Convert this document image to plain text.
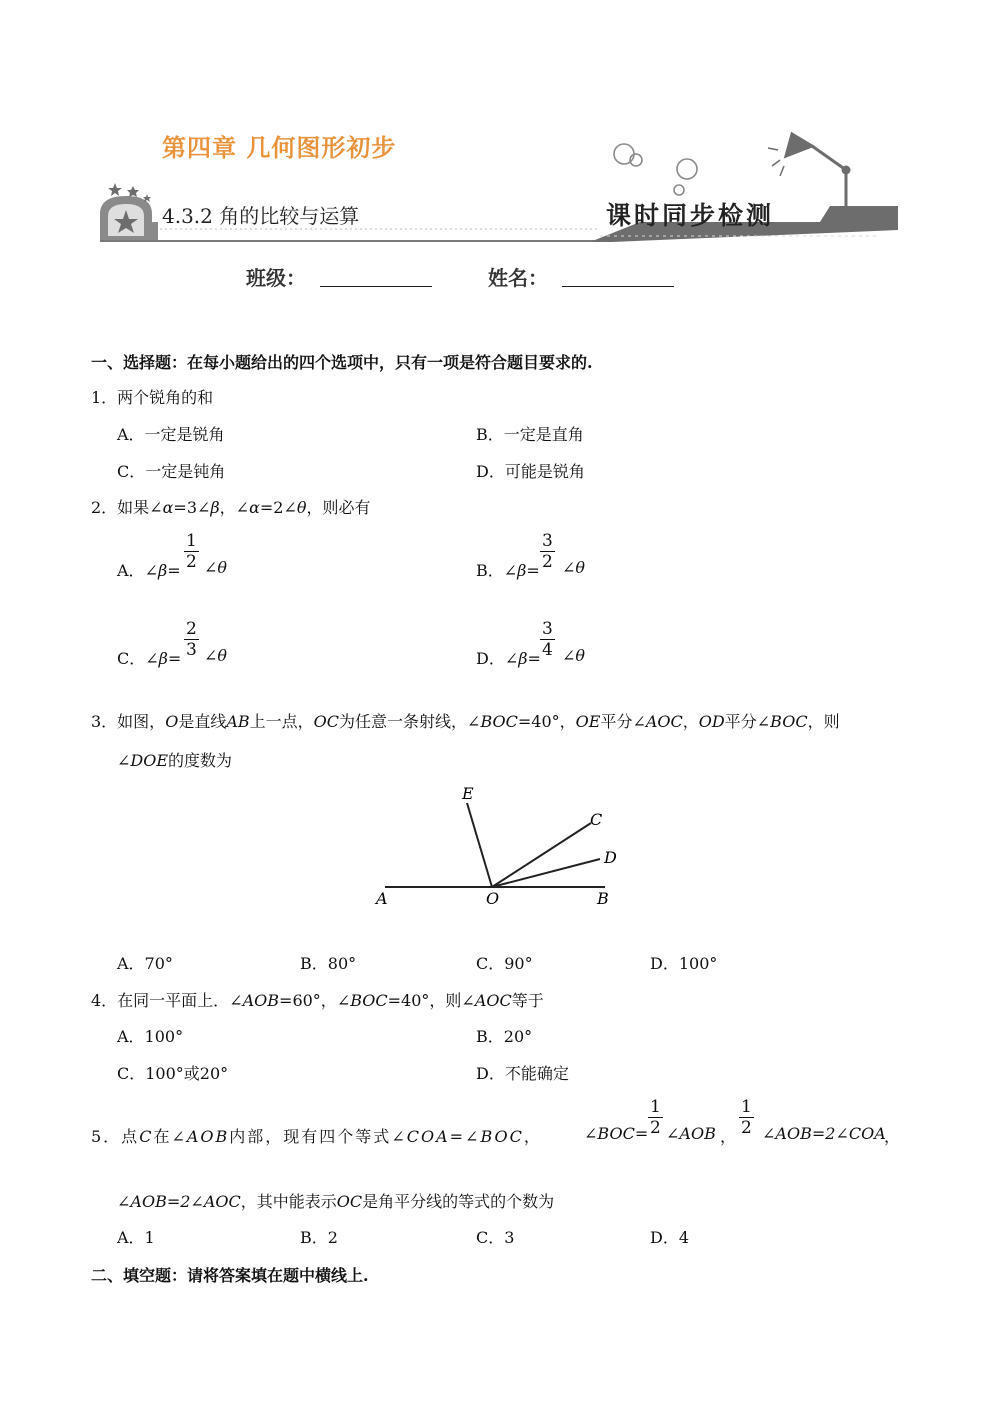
第四章 几何图形初步
4.3.2 角的比较与运算	课时同步检测
班级：	姓名：
一、选择题：在每小题给出的四个选项中，只有一项是符合题目要求的.
1．两个锐角的和
A．一定是锐角	B．一定是直角
C．一定是钝角	D．可能是锐角
2．如果∠α=3∠β，∠α=2∠θ，则必有
A．∠β= $\frac{1}{2}$ ∠θ	B．∠β= $\frac{3}{2}$ ∠θ
C．∠β= $\frac{2}{3}$ ∠θ	D．∠β= $\frac{3}{4}$ ∠θ
3．如图，O是直线AB上一点，OC为任意一条射线，∠BOC=40°，OE平分∠AOC，OD平分∠BOC，则
∠DOE的度数为
E
C
D
A	O	B
A．70°	B．80°	C．90°	D．100°
4．在同一平面上．∠AOB=60°，∠BOC=40°，则∠AOC等于
A．100°	B．20°
C．100°或20°	D．不能确定
5．点C在∠AOB内部，现有四个等式∠COA=∠BOC，	∠BOC= $\frac{1}{2}$ ∠AOB ， $\frac{1}{2}$ ∠AOB=2∠COA
，
∠AOB=2∠AOC，其中能表示OC是角平分线的等式的个数为
A．1	B．2	C．3	D．4
二、填空题：请将答案填在题中横线上.
